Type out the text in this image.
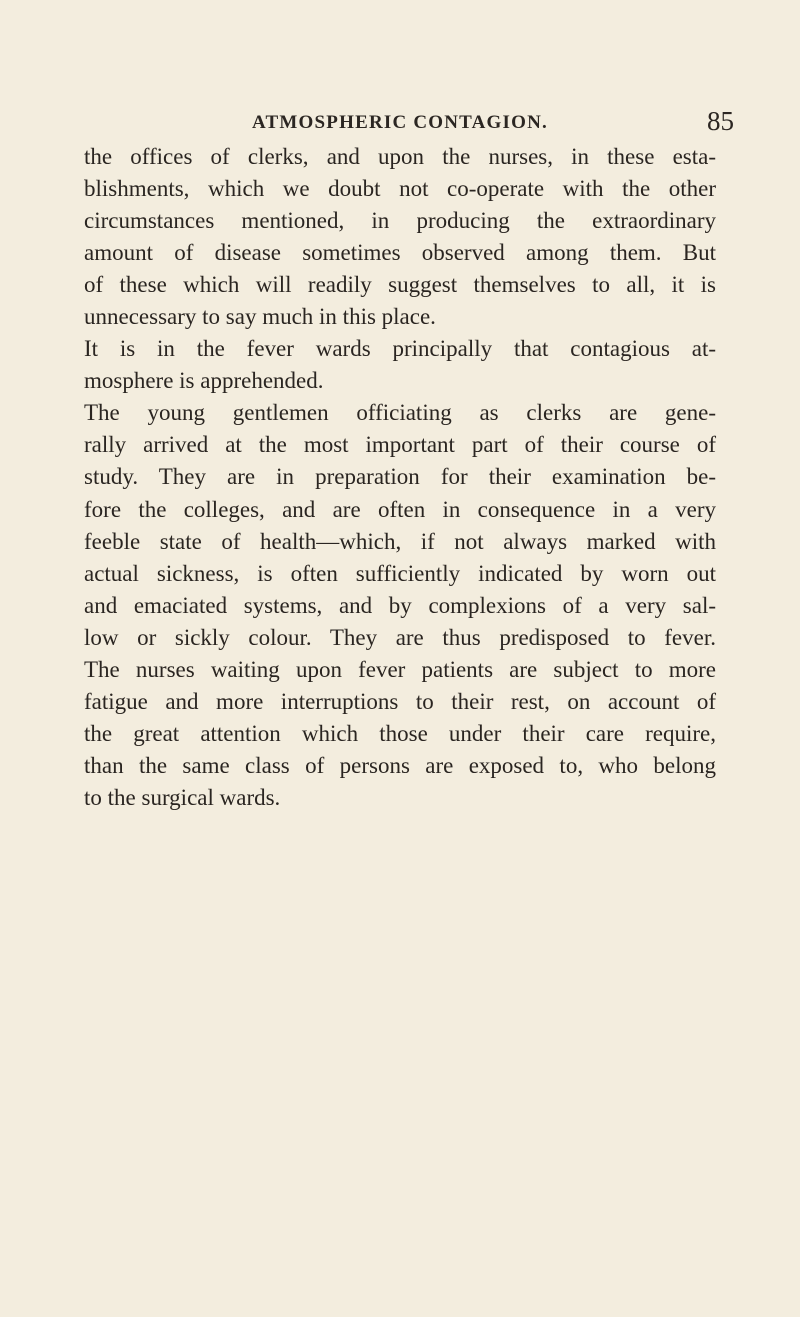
ATMOSPHERIC CONTAGION.	85
the offices of clerks, and upon the nurses, in these esta-
blishments, which we doubt not co-operate with the other
circumstances mentioned, in producing the extraordinary
amount of disease sometimes observed among them. But
of these which will readily suggest themselves to all, it is
unnecessary to say much in this place.
It is in the fever wards principally that contagious at-
mosphere is apprehended.
The young gentlemen officiating as clerks are gene-
rally arrived at the most important part of their course of
study. They are in preparation for their examination be-
fore the colleges, and are often in consequence in a very
feeble state of health—which, if not always marked with
actual sickness, is often sufficiently indicated by worn out
and emaciated systems, and by complexions of a very sal-
low or sickly colour. They are thus predisposed to fever.
The nurses waiting upon fever patients are subject to more
fatigue and more interruptions to their rest, on account of
the great attention which those under their care require,
than the same class of persons are exposed to, who belong
to the surgical wards.
